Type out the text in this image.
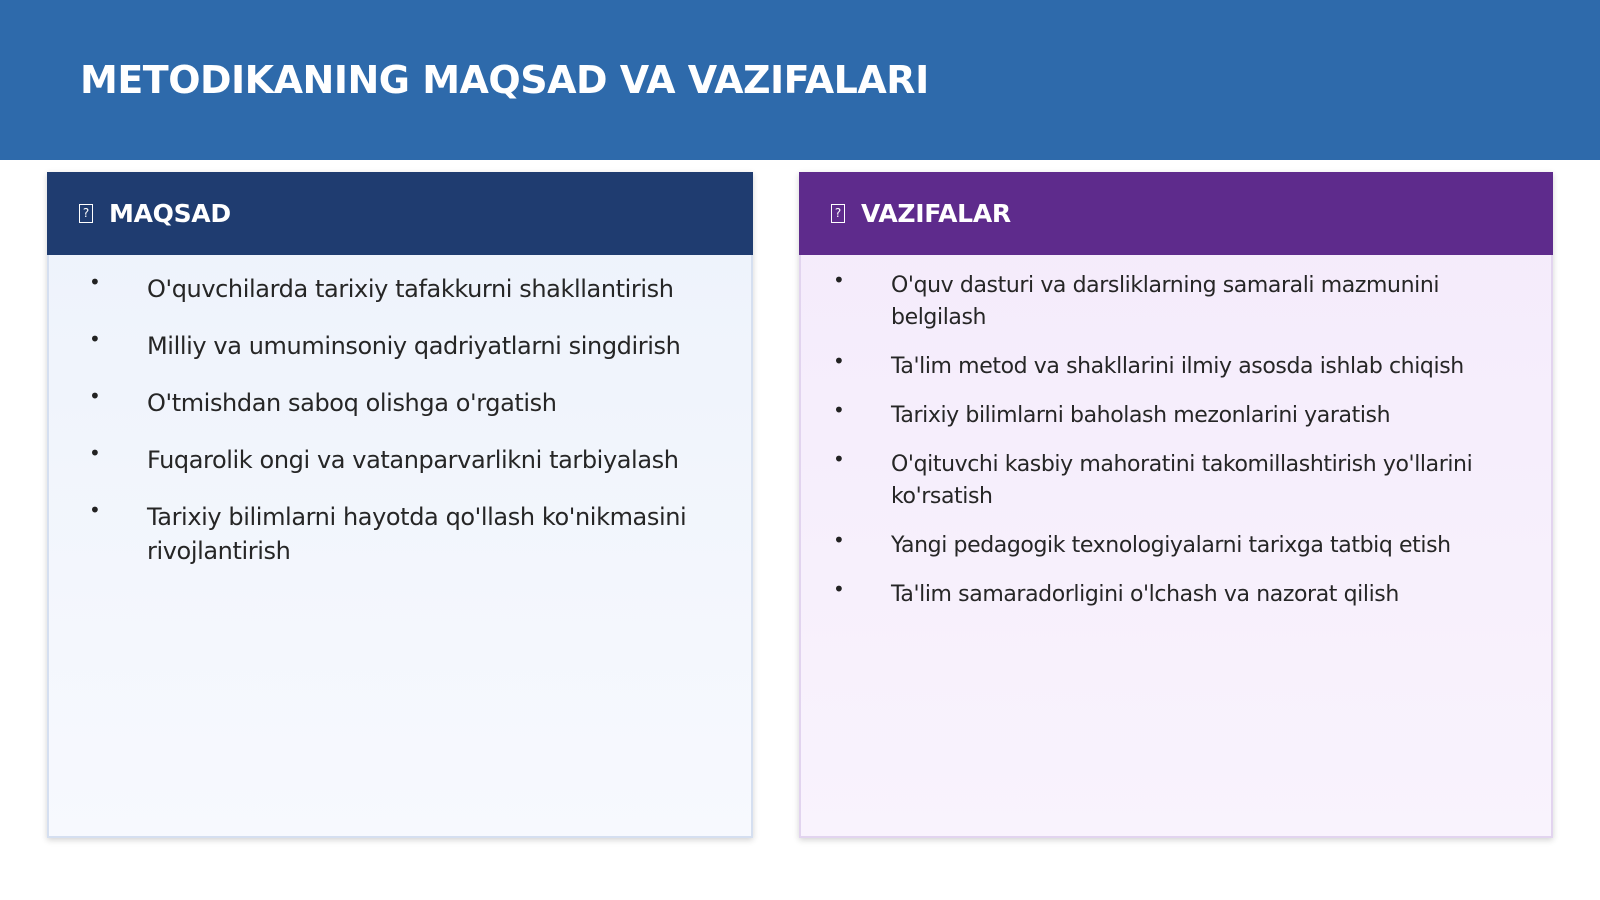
METODIKANING MAQSAD VA VAZIFALARI
? MAQSAD
• O'quvchilarda tarixiy tafakkurni shakllantirish
• Milliy va umuminsoniy qadriyatlarni singdirish
• O'tmishdan saboq olishga o'rgatish
• Fuqarolik ongi va vatanparvarlikni tarbiyalash
• Tarixiy bilimlarni hayotda qo'llash ko'nikmasini rivojlantirish
? VAZIFALAR
• O'quv dasturi va darsliklarning samarali mazmunini belgilash
• Ta'lim metod va shakllarini ilmiy asosda ishlab chiqish
• Tarixiy bilimlarni baholash mezonlarini yaratish
• O'qituvchi kasbiy mahoratini takomillashtirish yo'llarini ko'rsatish
• Yangi pedagogik texnologiyalarni tarixga tatbiq etish
• Ta'lim samaradorligini o'lchash va nazorat qilish
